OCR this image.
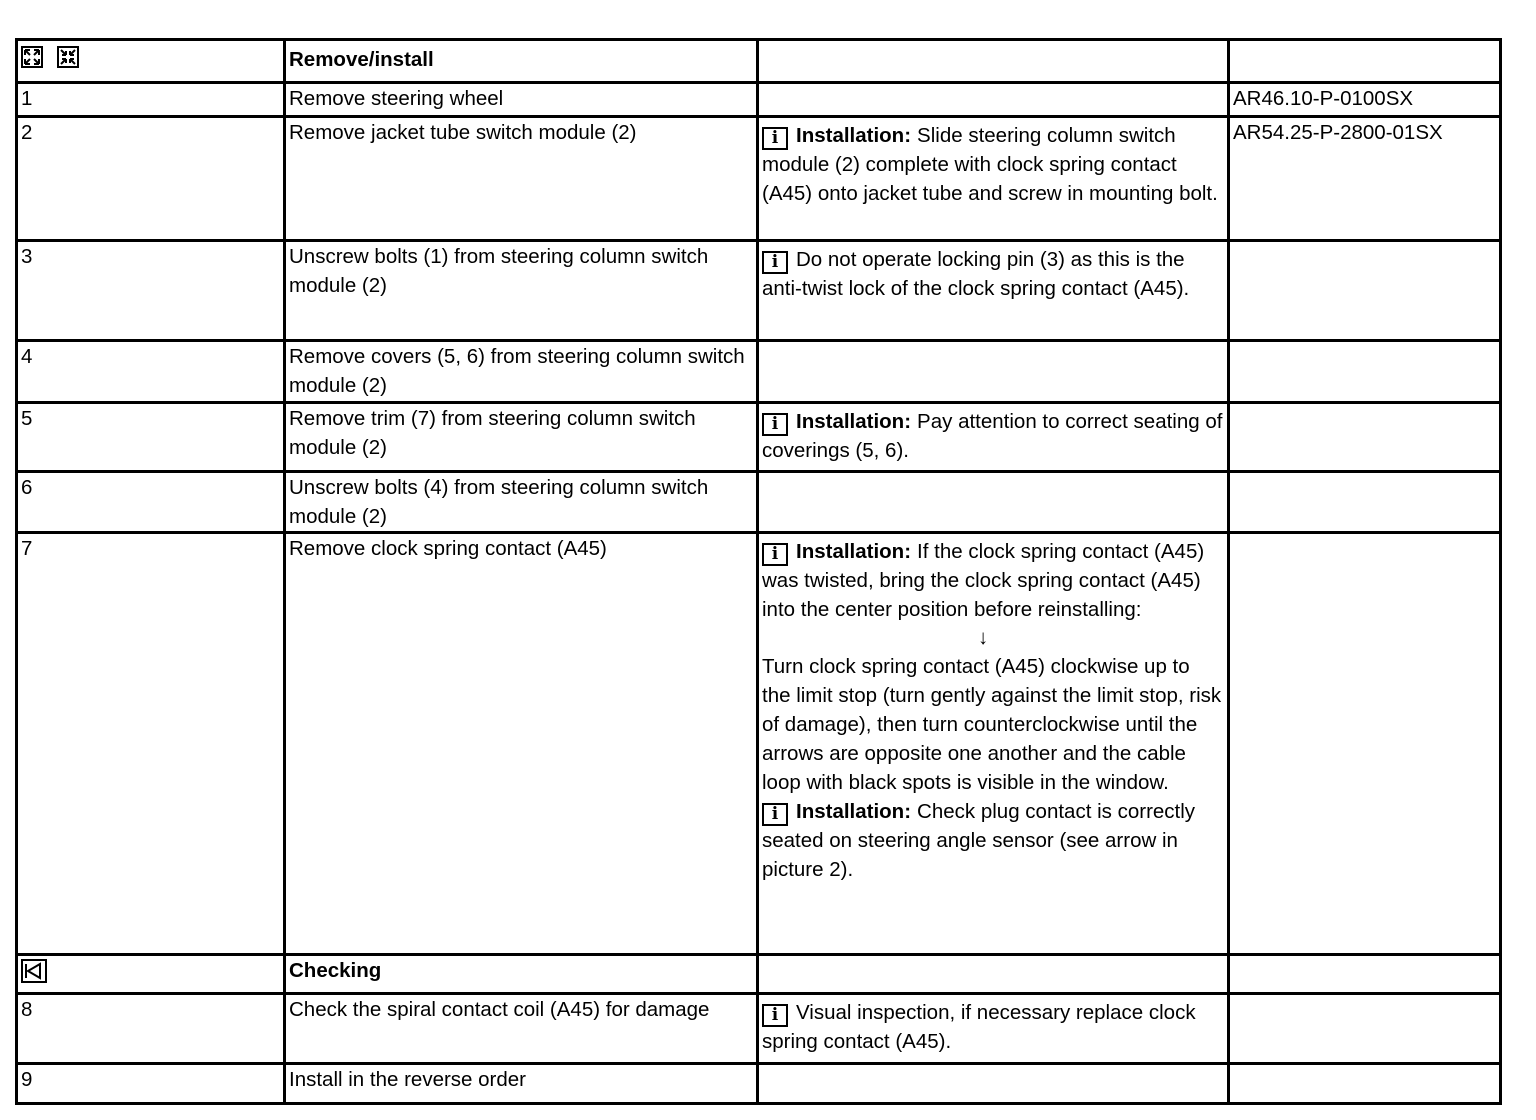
	Remove/install		
1	Remove steering wheel		AR46.10-P-0100SX
2	Remove jacket tube switch module (2)	i Installation: Slide steering column switch module (2) complete with clock spring contact (A45) onto jacket tube and screw in mounting bolt.	AR54.25-P-2800-01SX
3	Unscrew bolts (1) from steering column switch module (2)	i Do not operate locking pin (3) as this is the anti-twist lock of the clock spring contact (A45).	

4	Remove covers (5, 6) from steering column switch module (2)		
5	Remove trim (7) from steering column switch module (2)	i Installation: Pay attention to correct seating of coverings (5, 6).	

6	Unscrew bolts (4) from steering column switch module (2)		
7	Remove clock spring contact (A45)	i Installation: If the clock spring contact (A45) was twisted, bring the clock spring contact (A45) into the center position before reinstalling:

↓

Turn clock spring contact (A45) clockwise up to the limit stop (turn gently against the limit stop, risk of damage), then turn counterclockwise until the arrows are opposite one another and the cable loop with black spots is visible in the window.

i Installation: Check plug contact is correctly seated on steering angle sensor (see arrow in picture 2).	

	Checking		
8	Check the spiral contact coil (A45) for damage	i Visual inspection, if necessary replace clock spring contact (A45).	

9	Install in the reverse order		
